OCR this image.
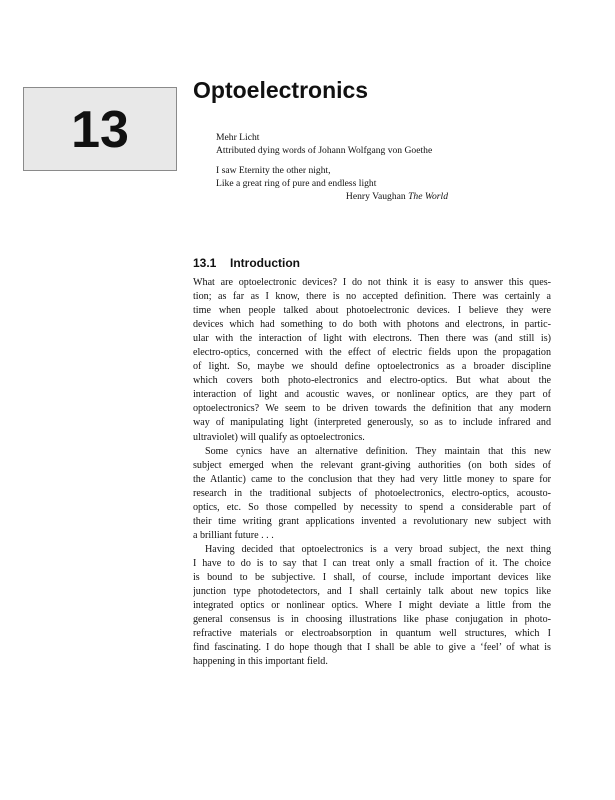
13
Optoelectronics
Mehr Licht
Attributed dying words of Johann Wolfgang von Goethe
I saw Eternity the other night,
Like a great ring of pure and endless light
Henry Vaughan The World
13.1 Introduction
What are optoelectronic devices? I do not think it is easy to answer this ques-
tion; as far as I know, there is no accepted definition. There was certainly a
time when people talked about photoelectronic devices. I believe they were
devices which had something to do both with photons and electrons, in partic-
ular with the interaction of light with electrons. Then there was (and still is)
electro-optics, concerned with the effect of electric fields upon the propagation
of light. So, maybe we should define optoelectronics as a broader discipline
which covers both photo-electronics and electro-optics. But what about the
interaction of light and acoustic waves, or nonlinear optics, are they part of
optoelectronics? We seem to be driven towards the definition that any modern
way of manipulating light (interpreted generously, so as to include infrared and
ultraviolet) will qualify as optoelectronics.
Some cynics have an alternative definition. They maintain that this new
subject emerged when the relevant grant-giving authorities (on both sides of
the Atlantic) came to the conclusion that they had very little money to spare for
research in the traditional subjects of photoelectronics, electro-optics, acousto-
optics, etc. So those compelled by necessity to spend a considerable part of
their time writing grant applications invented a revolutionary new subject with
a brilliant future . . .
Having decided that optoelectronics is a very broad subject, the next thing
I have to do is to say that I can treat only a small fraction of it. The choice
is bound to be subjective. I shall, of course, include important devices like
junction type photodetectors, and I shall certainly talk about new topics like
integrated optics or nonlinear optics. Where I might deviate a little from the
general consensus is in choosing illustrations like phase conjugation in photo-
refractive materials or electroabsorption in quantum well structures, which I
find fascinating. I do hope though that I shall be able to give a ‘feel’ of what is
happening in this important field.
